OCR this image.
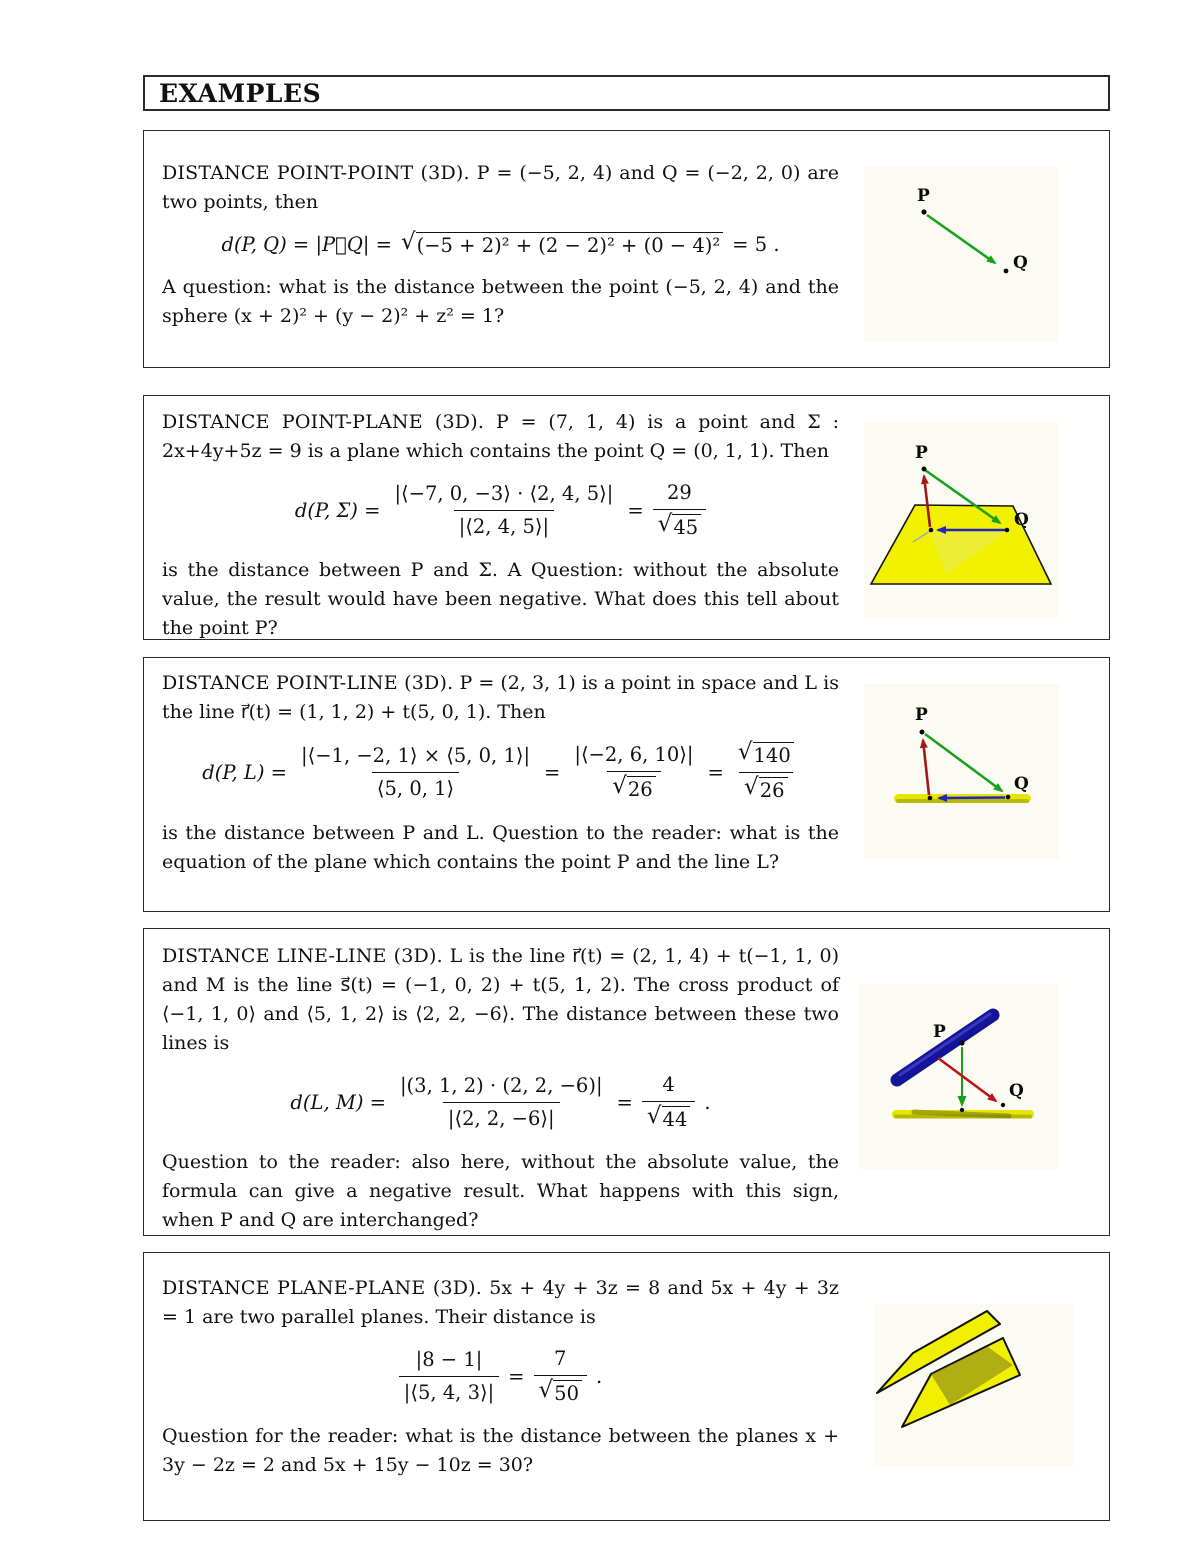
EXAMPLES

DISTANCE POINT-POINT (3D). P = (−5, 2, 4) and Q = (−2, 2, 0) are two points, then

d(P, Q) = |P⃗Q| = √ (−5 + 2)² + (2 − 2)² + (0 − 4)² = 5 .

A question: what is the distance between the point (−5, 2, 4) and the sphere (x + 2)² + (y − 2)² + z² = 1?

P
Q

DISTANCE POINT-PLANE (3D). P = (7, 1, 4) is a point and Σ : 2x+4y+5z = 9 is a plane which contains the point Q = (0, 1, 1). Then

d(P, $\Sigma) = \frac{|⟨-7, 0, -3⟩ \cdot ⟨2, 4, 5⟩|}{|⟨2, 4, 5⟩|} = \frac{29}{√ 45}$

is the distance between P and Σ. A Question: without the absolute value, the result would have been negative. What does this tell about the point P?

P
Q

DISTANCE POINT-LINE (3D). P = (2, 3, 1) is a point in space and L is the line r⃗(t) = (1, 1, 2) + t(5, 0, 1). Then

d(P, $L) = \frac{|⟨-1, -2, 1⟩ \times ⟨5, 0, 1⟩|}{⟨5, 0, 1⟩} = \frac{|⟨-2, 6, 10⟩|}{√ 26} = \frac{√ 140}{√ 26}$

is the distance between P and L. Question to the reader: what is the equation of the plane which contains the point P and the line L?

P
Q

DISTANCE LINE-LINE (3D). L is the line r⃗(t) = (2, 1, 4) + t(−1, 1, 0) and M is the line s⃗(t) = (−1, 0, 2) + t(5, 1, 2). The cross product of ⟨−1, 1, 0⟩ and ⟨5, 1, 2⟩ is ⟨2, 2, −6⟩. The distance between these two lines is

d(L, $M) = \frac{|(3, 1, 2) \cdot (2, 2, -6)|}{|⟨2, 2, -6⟩|} = \frac{4}{√ 44}$ .

Question to the reader: also here, without the absolute value, the formula can give a negative result. What happens with this sign, when P and Q are interchanged?

P
Q

DISTANCE PLANE-PLANE (3D). 5x + 4y + 3z = 8 and 5x + 4y + 3z = 1 are two parallel planes. Their distance is

$\frac{|8 - 1|}{|⟨5, 4, 3⟩|} = \frac{7}{√ 50}$ .

Question for the reader: what is the distance between the planes x + 3y − 2z = 2 and 5x + 15y − 10z = 30?
